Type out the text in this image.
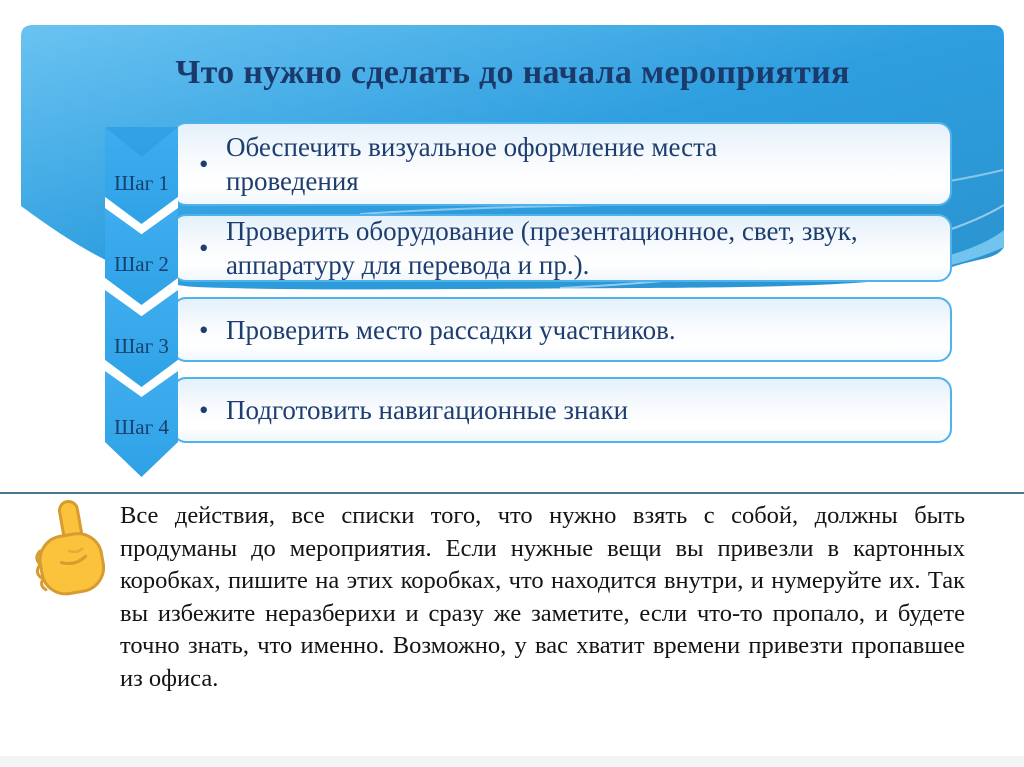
Что нужно сделать до начала мероприятия
Шаг 1
•
Обеспечить визуальное оформление места проведения
Шаг 2
•
Проверить оборудование (презентационное, свет, звук, аппаратуру для перевода и пр.).
Шаг 3
• Проверить место рассадки участников.
Шаг 4
• Подготовить навигационные знаки

Все действия, все списки того, что нужно взять с собой, должны быть продуманы до мероприятия. Если нужные вещи вы привезли в картонных коробках, пишите на этих коробках, что находится внутри, и нумеруйте их. Так вы избежите неразберихи и сразу же заметите, если что-то пропало, и будете точно знать, что именно. Возможно, у вас хватит времени привезти пропавшее из офиса.
